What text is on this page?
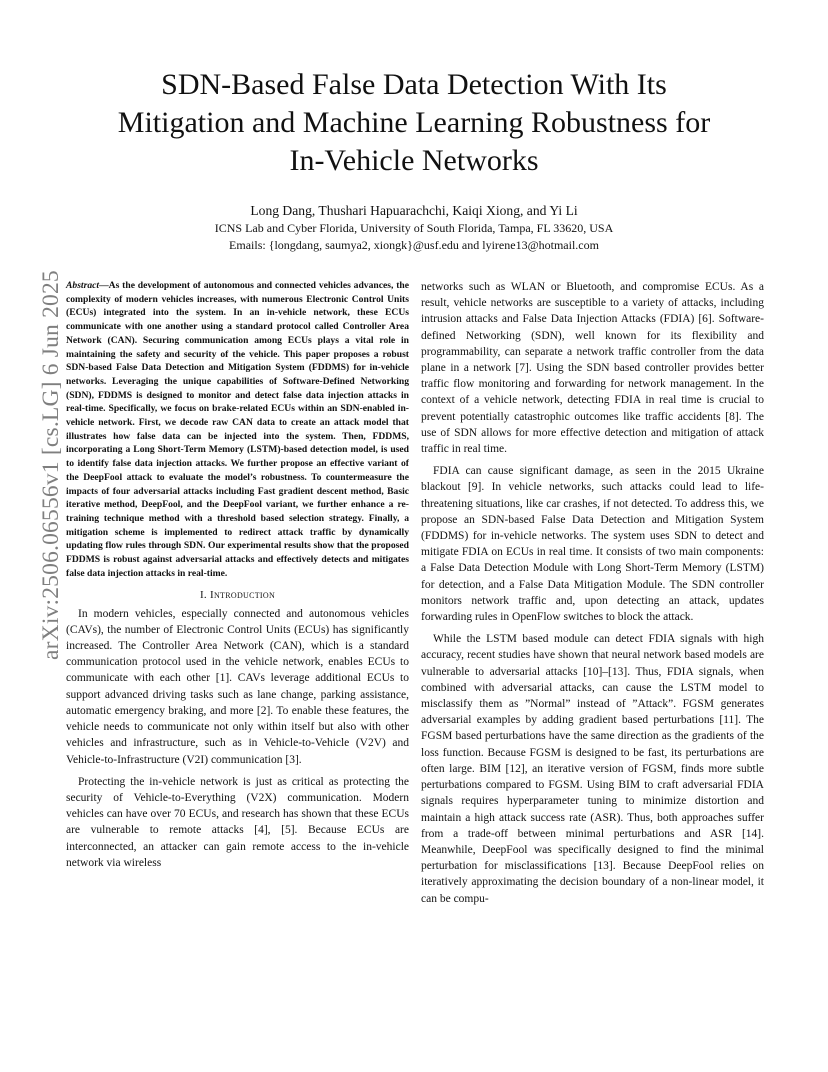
arXiv:2506.06556v1 [cs.LG] 6 Jun 2025
SDN-Based False Data Detection With Its
Mitigation and Machine Learning Robustness for
In-Vehicle Networks
Long Dang, Thushari Hapuarachchi, Kaiqi Xiong, and Yi Li
ICNS Lab and Cyber Florida, University of South Florida, Tampa, FL 33620, USA
Emails: {longdang, saumya2, xiongk}@usf.edu and lyirene13@hotmail.com

Abstract—As the development of autonomous and connected vehicles advances, the complexity of modern vehicles increases, with numerous Electronic Control Units (ECUs) integrated into the system. In an in-vehicle network, these ECUs communicate with one another using a standard protocol called Controller Area Network (CAN). Securing communication among ECUs plays a vital role in maintaining the safety and security of the vehicle. This paper proposes a robust SDN-based False Data Detection and Mitigation System (FDDMS) for in-vehicle networks. Leveraging the unique capabilities of Software-Defined Networking (SDN), FDDMS is designed to monitor and detect false data injection attacks in real-time. Specifically, we focus on brake-related ECUs within an SDN-enabled in-vehicle network. First, we decode raw CAN data to create an attack model that illustrates how false data can be injected into the system. Then, FDDMS, incorporating a Long Short-Term Memory (LSTM)-based detection model, is used to identify false data injection attacks. We further propose an effective variant of the DeepFool attack to evaluate the model’s robustness. To countermeasure the impacts of four adversarial attacks including Fast gradient descent method, Basic iterative method, DeepFool, and the DeepFool variant, we further enhance a re-training technique method with a threshold based selection strategy. Finally, a mitigation scheme is implemented to redirect attack traffic by dynamically updating flow rules through SDN. Our experimental results show that the proposed FDDMS is robust against adversarial attacks and effectively detects and mitigates false data injection attacks in real-time.

I. Introduction

In modern vehicles, especially connected and autonomous vehicles (CAVs), the number of Electronic Control Units (ECUs) has significantly increased. The Controller Area Network (CAN), which is a standard communication protocol used in the vehicle network, enables ECUs to communicate with each other [1]. CAVs leverage additional ECUs to support advanced driving tasks such as lane change, parking assistance, automatic emergency braking, and more [2]. To enable these features, the vehicle needs to communicate not only within itself but also with other vehicles and infrastructure, such as in Vehicle-to-Vehicle (V2V) and Vehicle-to-Infrastructure (V2I) communication [3].

Protecting the in-vehicle network is just as critical as protecting the security of Vehicle-to-Everything (V2X) communication. Modern vehicles can have over 70 ECUs, and research has shown that these ECUs are vulnerable to remote attacks [4], [5]. Because ECUs are interconnected, an attacker can gain remote access to the in-vehicle network via wireless

networks such as WLAN or Bluetooth, and compromise ECUs. As a result, vehicle networks are susceptible to a variety of attacks, including intrusion attacks and False Data Injection Attacks (FDIA) [6]. Software-defined Networking (SDN), well known for its flexibility and programmability, can separate a network traffic controller from the data plane in a network [7]. Using the SDN based controller provides better traffic flow monitoring and forwarding for network management. In the context of a vehicle network, detecting FDIA in real time is crucial to prevent potentially catastrophic outcomes like traffic accidents [8]. The use of SDN allows for more effective detection and mitigation of attack traffic in real time.

FDIA can cause significant damage, as seen in the 2015 Ukraine blackout [9]. In vehicle networks, such attacks could lead to life-threatening situations, like car crashes, if not detected. To address this, we propose an SDN-based False Data Detection and Mitigation System (FDDMS) for in-vehicle networks. The system uses SDN to detect and mitigate FDIA on ECUs in real time. It consists of two main components: a False Data Detection Module with Long Short-Term Memory (LSTM) for detection, and a False Data Mitigation Module. The SDN controller monitors network traffic and, upon detecting an attack, updates forwarding rules in OpenFlow switches to block the attack.

While the LSTM based module can detect FDIA signals with high accuracy, recent studies have shown that neural network based models are vulnerable to adversarial attacks [10]–[13]. Thus, FDIA signals, when combined with adversarial attacks, can cause the LSTM model to misclassify them as ”Normal” instead of ”Attack”. FGSM generates adversarial examples by adding gradient based perturbations [11]. The FGSM based perturbations have the same direction as the gradients of the loss function. Because FGSM is designed to be fast, its perturbations are often large. BIM [12], an iterative version of FGSM, finds more subtle perturbations compared to FGSM. Using BIM to craft adversarial FDIA signals requires hyperparameter tuning to minimize distortion and maintain a high attack success rate (ASR). Thus, both approaches suffer from a trade-off between minimal perturbations and ASR [14]. Meanwhile, DeepFool was specifically designed to find the minimal perturbation for misclassifications [13]. Because DeepFool relies on iteratively approximating the decision boundary of a non-linear model, it can be compu-
